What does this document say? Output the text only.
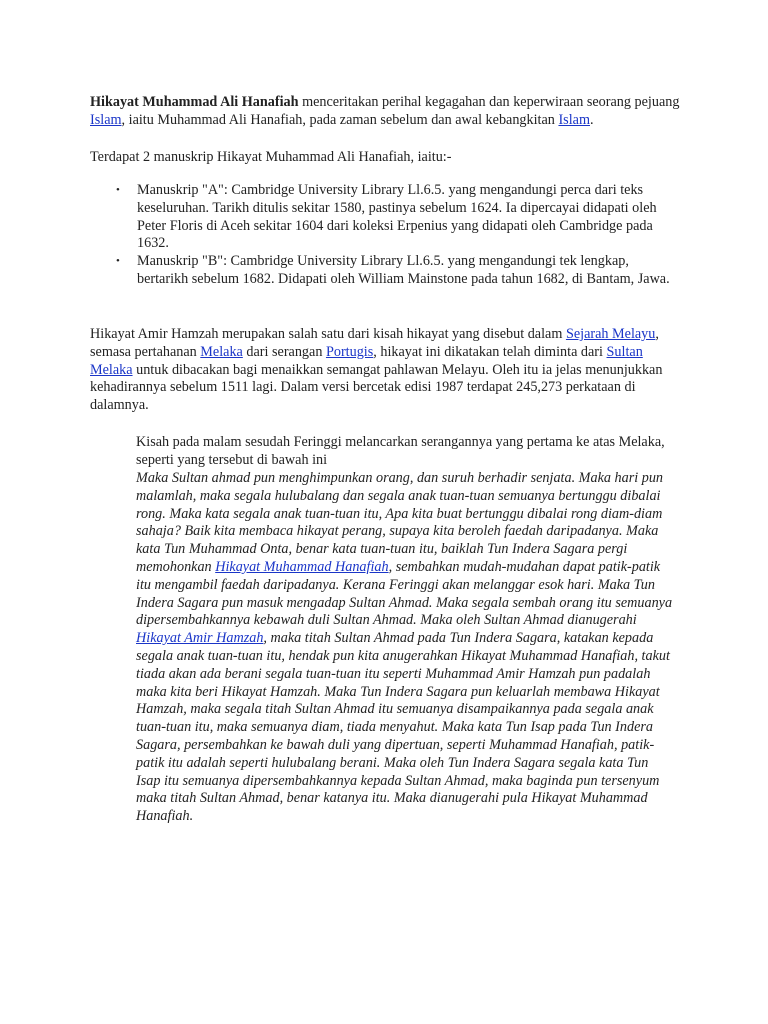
Hikayat Muhammad Ali Hanafiah menceritakan perihal kegagahan dan keperwiraan seorang pejuang Islam, iaitu Muhammad Ali Hanafiah, pada zaman sebelum dan awal kebangkitan Islam.

Terdapat 2 manuskrip Hikayat Muhammad Ali Hanafiah, iaitu:-

• Manuskrip "A": Cambridge University Library Ll.6.5. yang mengandungi perca dari teks keseluruhan. Tarikh ditulis sekitar 1580, pastinya sebelum 1624. Ia dipercayai didapati oleh Peter Floris di Aceh sekitar 1604 dari koleksi Erpenius yang didapati oleh Cambridge pada 1632.
• Manuskrip "B": Cambridge University Library Ll.6.5. yang mengandungi tek lengkap, bertarikh sebelum 1682. Didapati oleh William Mainstone pada tahun 1682, di Bantam, Jawa.

Hikayat Amir Hamzah merupakan salah satu dari kisah hikayat yang disebut dalam Sejarah Melayu, semasa pertahanan Melaka dari serangan Portugis, hikayat ini dikatakan telah diminta dari Sultan Melaka untuk dibacakan bagi menaikkan semangat pahlawan Melayu. Oleh itu ia jelas menunjukkan kehadirannya sebelum 1511 lagi. Dalam versi bercetak edisi 1987 terdapat 245,273 perkataan di dalamnya.

Kisah pada malam sesudah Feringgi melancarkan serangannya yang pertama ke atas Melaka, seperti yang tersebut di bawah ini

Maka Sultan ahmad pun menghimpunkan orang, dan suruh berhadir senjata. Maka hari pun malamlah, maka segala hulubalang dan segala anak tuan-tuan semuanya bertunggu dibalai rong. Maka kata segala anak tuan-tuan itu, Apa kita buat bertunggu dibalai rong diam-diam sahaja? Baik kita membaca hikayat perang, supaya kita beroleh faedah daripadanya. Maka kata Tun Muhammad Onta, benar kata tuan-tuan itu, baiklah Tun Indera Sagara pergi memohonkan Hikayat Muhammad Hanafiah, sembahkan mudah-mudahan dapat patik-patik itu mengambil faedah daripadanya. Kerana Feringgi akan melanggar esok hari. Maka Tun Indera Sagara pun masuk mengadap Sultan Ahmad. Maka segala sembah orang itu semuanya dipersembahkannya kebawah duli Sultan Ahmad. Maka oleh Sultan Ahmad dianugerahi Hikayat Amir Hamzah, maka titah Sultan Ahmad pada Tun Indera Sagara, katakan kepada segala anak tuan-tuan itu, hendak pun kita anugerahkan Hikayat Muhammad Hanafiah, takut tiada akan ada berani segala tuan-tuan itu seperti Muhammad Amir Hamzah pun padalah maka kita beri Hikayat Hamzah. Maka Tun Indera Sagara pun keluarlah membawa Hikayat Hamzah, maka segala titah Sultan Ahmad itu semuanya disampaikannya pada segala anak tuan-tuan itu, maka semuanya diam, tiada menyahut. Maka kata Tun Isap pada Tun Indera Sagara, persembahkan ke bawah duli yang dipertuan, seperti Muhammad Hanafiah, patik-patik itu adalah seperti hulubalang berani. Maka oleh Tun Indera Sagara segala kata Tun Isap itu semuanya dipersembahkannya kepada Sultan Ahmad, maka baginda pun tersenyum maka titah Sultan Ahmad, benar katanya itu. Maka dianugerahi pula Hikayat Muhammad Hanafiah.
